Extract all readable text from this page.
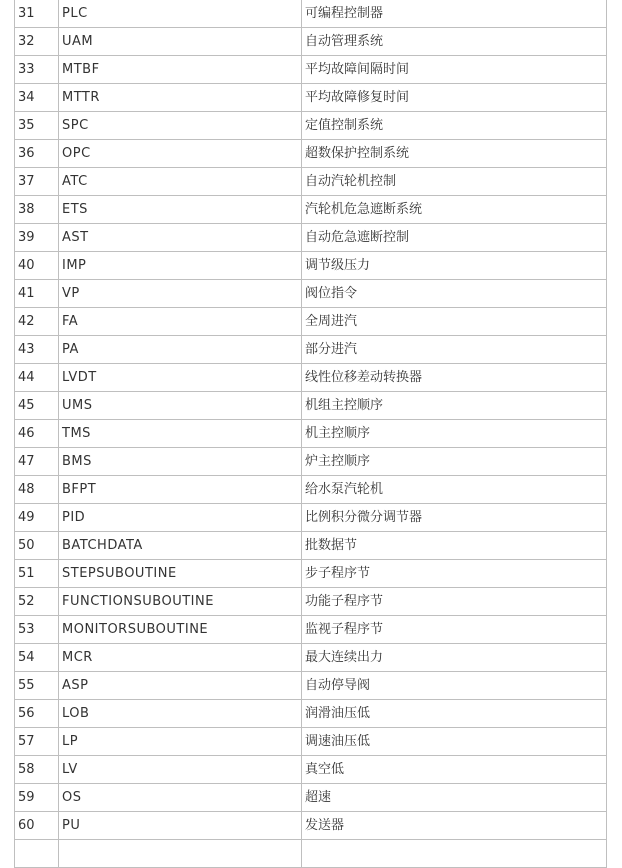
31	PLC	可编程控制器
32	UAM	自动管理系统
33	MTBF	平均故障间隔时间
34	MTTR	平均故障修复时间
35	SPC	定值控制系统
36	OPC	超数保护控制系统
37	ATC	自动汽轮机控制
38	ETS	汽轮机危急遮断系统
39	AST	自动危急遮断控制
40	IMP	调节级压力
41	VP	阀位指令
42	FA	全周进汽
43	PA	部分进汽
44	LVDT	线性位移差动转换器
45	UMS	机组主控顺序
46	TMS	机主控顺序
47	BMS	炉主控顺序
48	BFPT	给水泵汽轮机
49	PID	比例积分微分调节器
50	BATCHDATA	批数据节
51	STEPSUBOUTINE	步子程序节
52	FUNCTIONSUBOUTINE	功能子程序节
53	MONITORSUBOUTINE	监视子程序节
54	MCR	最大连续出力
55	ASP	自动停导阀
56	LOB	润滑油压低
57	LP	调速油压低
58	LV	真空低
59	OS	超速
60	PU	发送器
